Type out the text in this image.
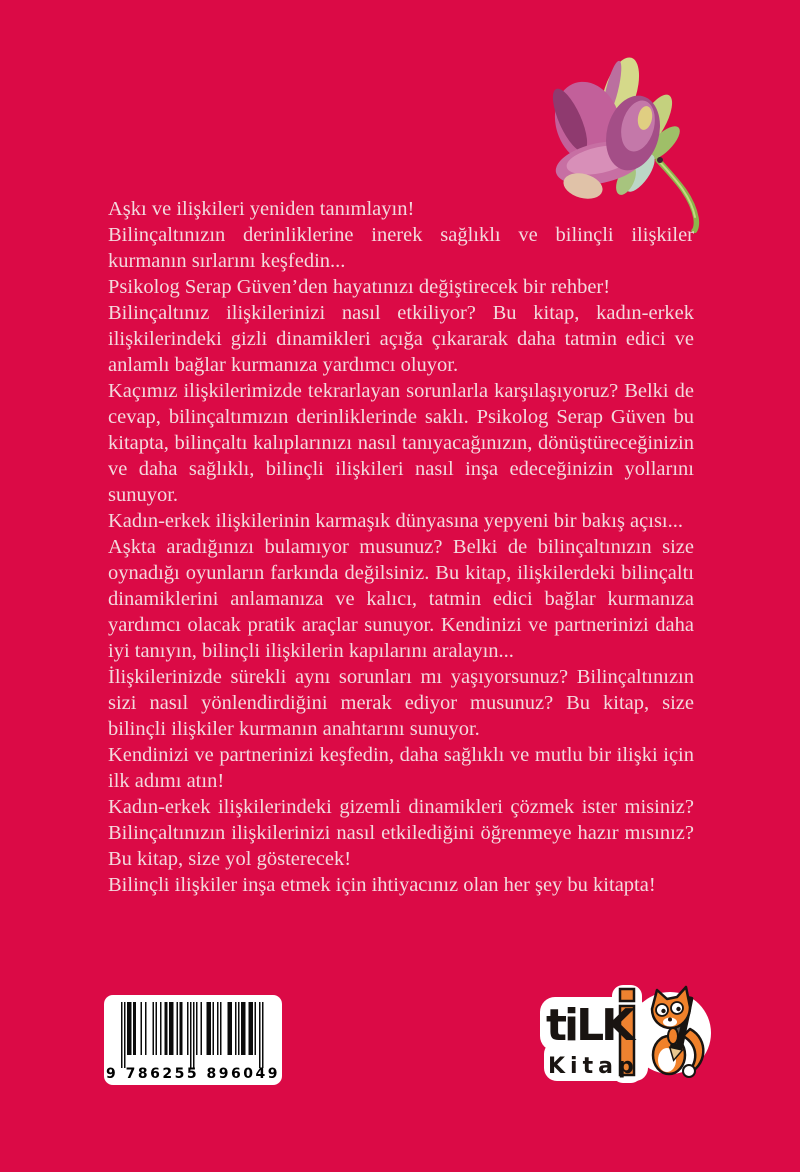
Aşkı ve ilişkileri yeniden tanımlayın!

Bilinçaltınızın derinliklerine inerek sağlıklı ve bilinçli ilişkiler kurmanın sırlarını keşfedin...

Psikolog Serap Güven’den hayatınızı değiştirecek bir rehber!

Bilinçaltınız ilişkilerinizi nasıl etkiliyor? Bu kitap, kadın-erkek ilişkilerindeki gizli dinamikleri açığa çıkararak daha tatmin edici ve anlamlı bağlar kurmanıza yardımcı oluyor.

Kaçımız ilişkilerimizde tekrarlayan sorunlarla karşılaşıyoruz? Belki de cevap, bilinçaltımızın derinliklerinde saklı. Psikolog Serap Güven bu kitapta, bilinçaltı kalıplarınızı nasıl tanıyacağınızın, dönüştüreceğinizin ve daha sağlıklı, bilinçli ilişkileri nasıl inşa edeceğinizin yollarını sunuyor.

Kadın-erkek ilişkilerinin karmaşık dünyasına yepyeni bir bakış açısı...

Aşkta aradığınızı bulamıyor musunuz? Belki de bilinçaltınızın size oynadığı oyunların farkında değilsiniz. Bu kitap, ilişkilerdeki bilinçaltı dinamiklerini anlamanıza ve kalıcı, tatmin edici bağlar kurmanıza yardımcı olacak pratik araçlar sunuyor. Kendinizi ve partnerinizi daha iyi tanıyın, bilinçli ilişkilerin kapılarını aralayın...

İlişkilerinizde sürekli aynı sorunları mı yaşıyorsunuz? Bilinçaltınızın sizi nasıl yönlendirdiğini merak ediyor musunuz? Bu kitap, size bilinçli ilişkiler kurmanın anahtarını sunuyor.

Kendinizi ve partnerinizi keşfedin, daha sağlıklı ve mutlu bir ilişki için ilk adımı atın!

Kadın-erkek ilişkilerindeki gizemli dinamikleri çözmek ister misiniz? Bilinçaltınızın ilişkilerinizi nasıl etkilediğini öğrenmeye hazır mısınız? Bu kitap, size yol gösterecek!

Bilinçli ilişkiler inşa etmek için ihtiyacınız olan her şey bu kitapta!

9 786255 896049
tiLK
Kitap
